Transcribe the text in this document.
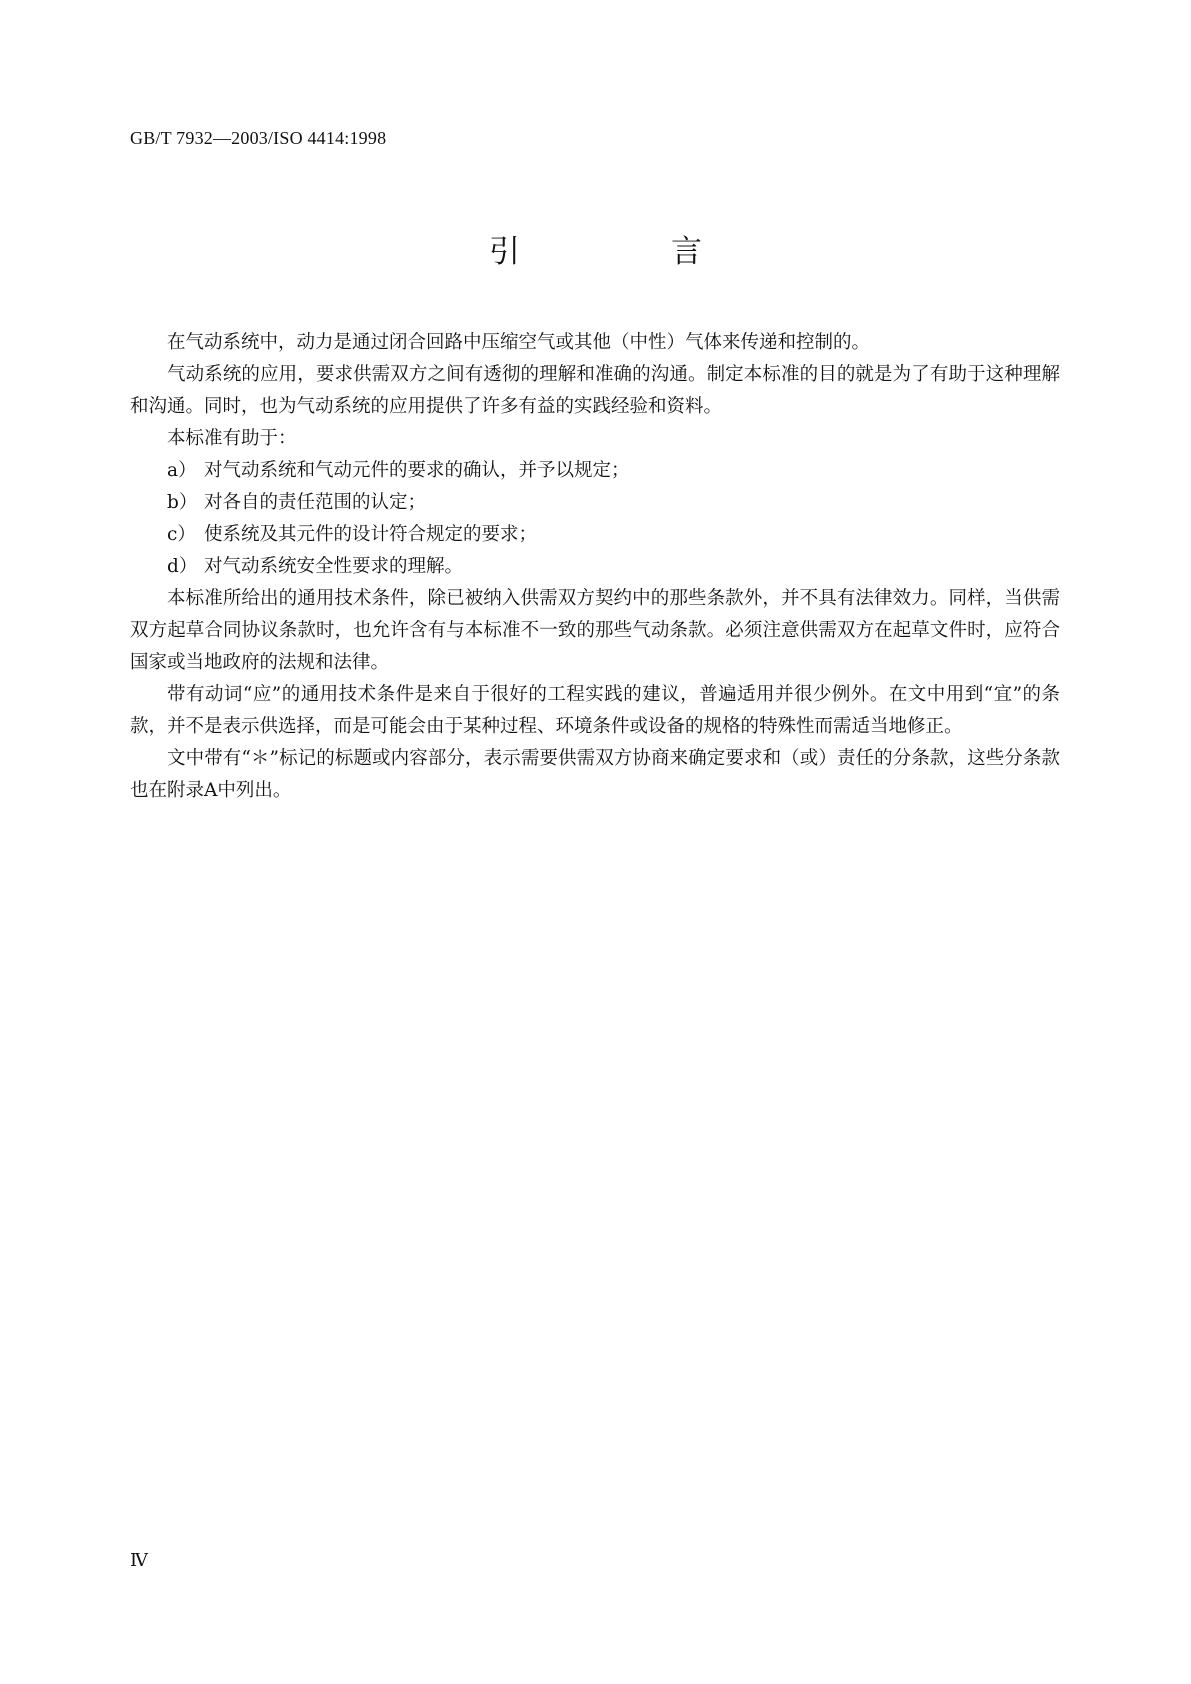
GB/T 7932—2003/ISO 4414:1998
引　言

在气动系统中，动力是通过闭合回路中压缩空气或其他（中性）气体来传递和控制的。

气动系统的应用，要求供需双方之间有透彻的理解和准确的沟通。制定本标准的目的就是为了有助于这种理解和沟通。同时，也为气动系统的应用提供了许多有益的实践经验和资料。

本标准有助于：

a） 对气动系统和气动元件的要求的确认，并予以规定；

b） 对各自的责任范围的认定；

c） 使系统及其元件的设计符合规定的要求；

d） 对气动系统安全性要求的理解。

本标准所给出的通用技术条件，除已被纳入供需双方契约中的那些条款外，并不具有法律效力。同样，当供需双方起草合同协议条款时，也允许含有与本标准不一致的那些气动条款。必须注意供需双方在起草文件时，应符合国家或当地政府的法规和法律。

带有动词“应”的通用技术条件是来自于很好的工程实践的建议，普遍适用并很少例外。在文中用到“宜”的条款，并不是表示供选择，而是可能会由于某种过程、环境条件或设备的规格的特殊性而需适当地修正。

文中带有“＊”标记的标题或内容部分，表示需要供需双方协商来确定要求和（或）责任的分条款，这些分条款也在附录A中列出。

Ⅳ
